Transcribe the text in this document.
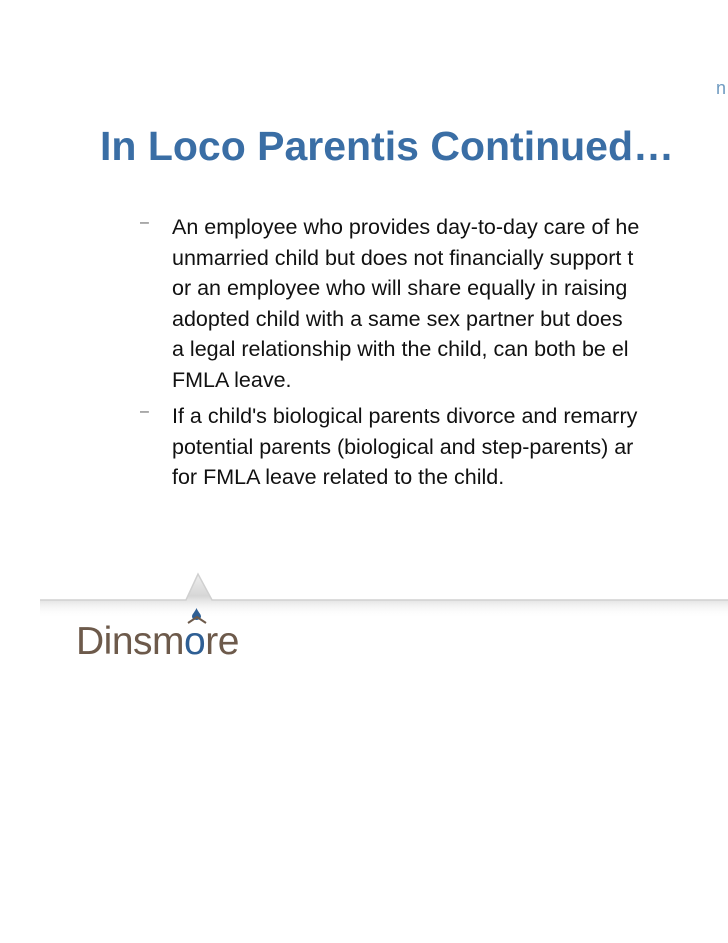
n
In Loco Parentis Continued…
– An employee who provides day-to-day care of he
unmarried child but does not financially support t
or an employee who will share equally in raising
adopted child with a same sex partner but does
a legal relationship with the child, can both be el
FMLA leave.
– If a child's biological parents divorce and remarry
potential parents (biological and step-parents) ar
for FMLA leave related to the child.
Dinsm
ore
